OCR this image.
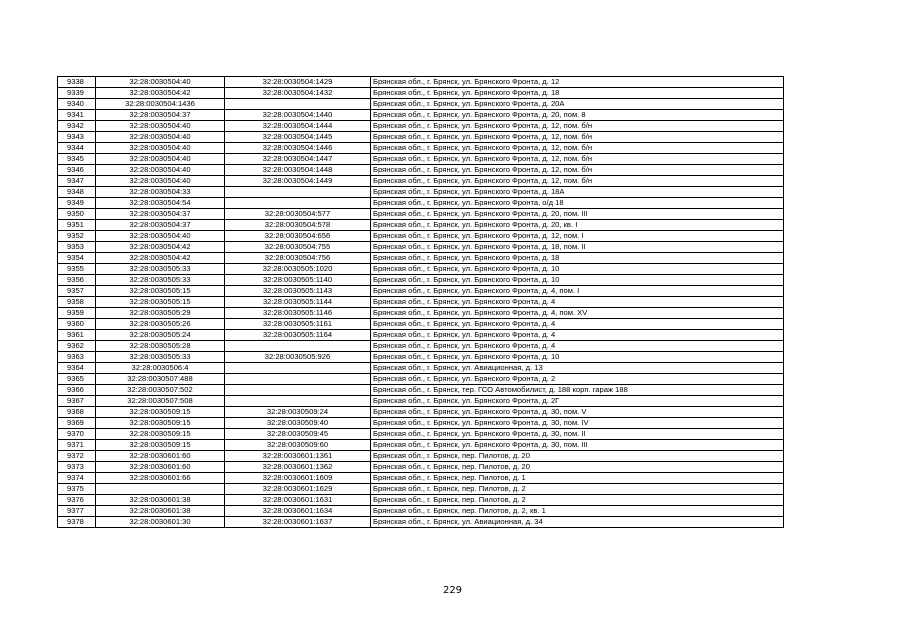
9338	32:28:0030504:40	32:28:0030504:1429	Брянская обл., г. Брянск, ул. Брянского Фронта, д. 12
9339	32:28:0030504:42	32:28:0030504:1432	Брянская обл., г. Брянск, ул. Брянского Фронта, д. 18
9340	32:28:0030504:1436		Брянская обл., г. Брянск, ул. Брянского Фронта, д. 20А
9341	32:28:0030504:37	32:28:0030504:1440	Брянская обл., г. Брянск, ул. Брянского Фронта, д. 20, пом. 8
9342	32:28:0030504:40	32:28:0030504:1444	Брянская обл., г. Брянск, ул. Брянского Фронта, д. 12, пом. б/н
9343	32:28:0030504:40	32:28:0030504:1445	Брянская обл., г. Брянск, ул. Брянского Фронта, д. 12, пом. б/н
9344	32:28:0030504:40	32:28:0030504:1446	Брянская обл., г. Брянск, ул. Брянского Фронта, д. 12, пом. б/н
9345	32:28:0030504:40	32:28:0030504:1447	Брянская обл., г. Брянск, ул. Брянского Фронта, д. 12, пом. б/н
9346	32:28:0030504:40	32:28:0030504:1448	Брянская обл., г. Брянск, ул. Брянского Фронта, д. 12, пом. б/н
9347	32:28:0030504:40	32:28:0030504:1449	Брянская обл., г. Брянск, ул. Брянского Фронта, д. 12, пом. б/н
9348	32:28:0030504:33		Брянская обл., г. Брянск, ул. Брянского Фронта, д. 18А
9349	32:28:0030504:54		Брянская обл., г. Брянск, ул. Брянского Фронта, о/д 18
9350	32:28:0030504:37	32:28:0030504:577	Брянская обл., г. Брянск, ул. Брянского Фронта, д. 20, пом. III
9351	32:28:0030504:37	32:28:0030504:578	Брянская обл., г. Брянск, ул. Брянского Фронта, д. 20, кв. I
9352	32:28:0030504:40	32:28:0030504:656	Брянская обл., г. Брянск, ул. Брянского Фронта, д. 12, пом. I
9353	32:28:0030504:42	32:28:0030504:755	Брянская обл., г. Брянск, ул. Брянского Фронта, д. 18, пом. II
9354	32:28:0030504:42	32:28:0030504:756	Брянская обл., г. Брянск, ул. Брянского Фронта, д. 18
9355	32:28:0030505:33	32:28:0030505:1020	Брянская обл., г. Брянск, ул. Брянского Фронта, д. 10
9356	32:28:0030505:33	32:28:0030505:1140	Брянская обл., г. Брянск, ул. Брянского Фронта, д. 10
9357	32:28:0030505:15	32:28:0030505:1143	Брянская обл., г. Брянск, ул. Брянского Фронта, д. 4, пом. I
9358	32:28:0030505:15	32:28:0030505:1144	Брянская обл., г. Брянск, ул. Брянского Фронта, д. 4
9359	32:28:0030505:29	32:28:0030505:1146	Брянская обл., г. Брянск, ул. Брянского Фронта, д. 4, пом. XV
9360	32:28:0030505:26	32:28:0030505:1161	Брянская обл., г. Брянск, ул. Брянского Фронта, д. 4
9361	32:28:0030505:24	32:28:0030505:1164	Брянская обл., г. Брянск, ул. Брянского Фронта, д. 4
9362	32:28:0030505:28		Брянская обл., г. Брянск, ул. Брянского Фронта, д. 4
9363	32:28:0030505:33	32:28:0030505:926	Брянская обл., г. Брянск, ул. Брянского Фронта, д. 10
9364	32:28:0030506:4		Брянская обл., г. Брянск, ул. Авиационная, д. 13
9365	32:28:0030507:488		Брянская обл., г. Брянск, ул. Брянского Фронта, д. 2
9366	32:28:0030507:502		Брянская обл., г. Брянск, тер. ГСО Автомобилист, д. 188 корп. гараж 188
9367	32:28:0030507:508		Брянская обл., г. Брянск, ул. Брянского Фронта, д. 2Г
9368	32:28:0030509:15	32:28:0030509:24	Брянская обл., г. Брянск, ул. Брянского Фронта, д. 30, пом. V
9369	32:28:0030509:15	32:28:0030509:40	Брянская обл., г. Брянск, ул. Брянского Фронта, д. 30, пом. IV
9370	32:28:0030509:15	32:28:0030509:45	Брянская обл., г. Брянск, ул. Брянского Фронта, д. 30, пом. II
9371	32:28:0030509:15	32:28:0030509:60	Брянская обл., г. Брянск, ул. Брянского Фронта, д. 30, пом. III
9372	32:28:0030601:60	32:28:0030601:1361	Брянская обл., г. Брянск, пер. Пилотов, д. 20
9373	32:28:0030601:60	32:28:0030601:1362	Брянская обл., г. Брянск, пер. Пилотов, д. 20
9374	32:28:0030601:66	32:28:0030601:1609	Брянская обл., г. Брянск, пер. Пилотов, д. 1
9375		32:28:0030601:1629	Брянская обл., г. Брянск, пер. Пилотов, д. 2
9376	32:28:0030601:38	32:28:0030601:1631	Брянская обл., г. Брянск, пер. Пилотов, д. 2
9377	32:28:0030601:38	32:28:0030601:1634	Брянская обл., г. Брянск, пер. Пилотов, д. 2, кв. 1
9378	32:28:0030601:30	32:28:0030601:1637	Брянская обл., г. Брянск, ул. Авиационная, д. 34
229
